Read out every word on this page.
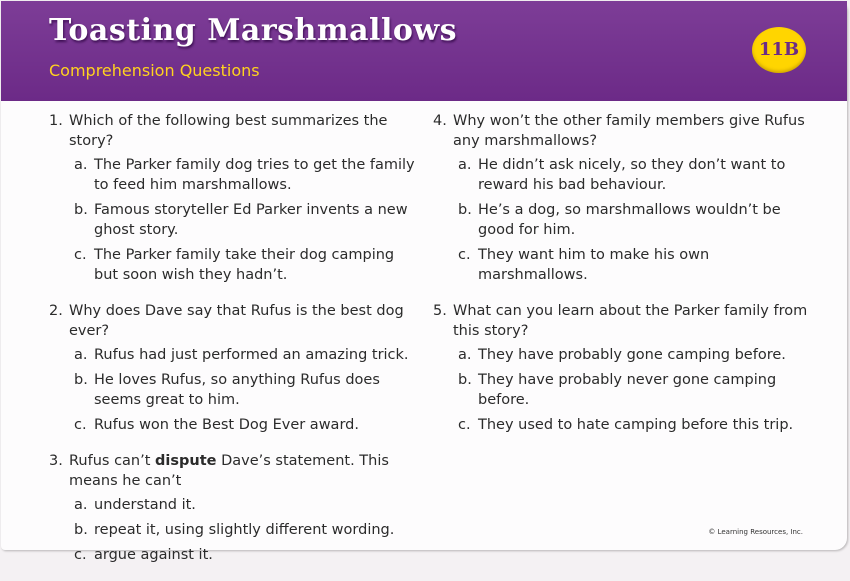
Toasting Marshmallows
Comprehension Questions
11B
1. Which of the following best summarizes the story?
a. The Parker family dog tries to get the family to feed him marshmallows.
b. Famous storyteller Ed Parker invents a new ghost story.
c. The Parker family take their dog camping but soon wish they hadn’t.
2. Why does Dave say that Rufus is the best dog ever?
a. Rufus had just performed an amazing trick.
b. He loves Rufus, so anything Rufus does seems great to him.
c. Rufus won the Best Dog Ever award.
3. Rufus can’t dispute Dave’s statement. This means he can’t
a. understand it.
b. repeat it, using slightly different wording.
c. argue against it.
4. Why won’t the other family members give Rufus any marshmallows?
a. He didn’t ask nicely, so they don’t want to reward his bad behaviour.
b. He’s a dog, so marshmallows wouldn’t be good for him.
c. They want him to make his own marshmallows.
5. What can you learn about the Parker family from this story?
a. They have probably gone camping before.
b. They have probably never gone camping before.
c. They used to hate camping before this trip.
© Learning Resources, Inc.
